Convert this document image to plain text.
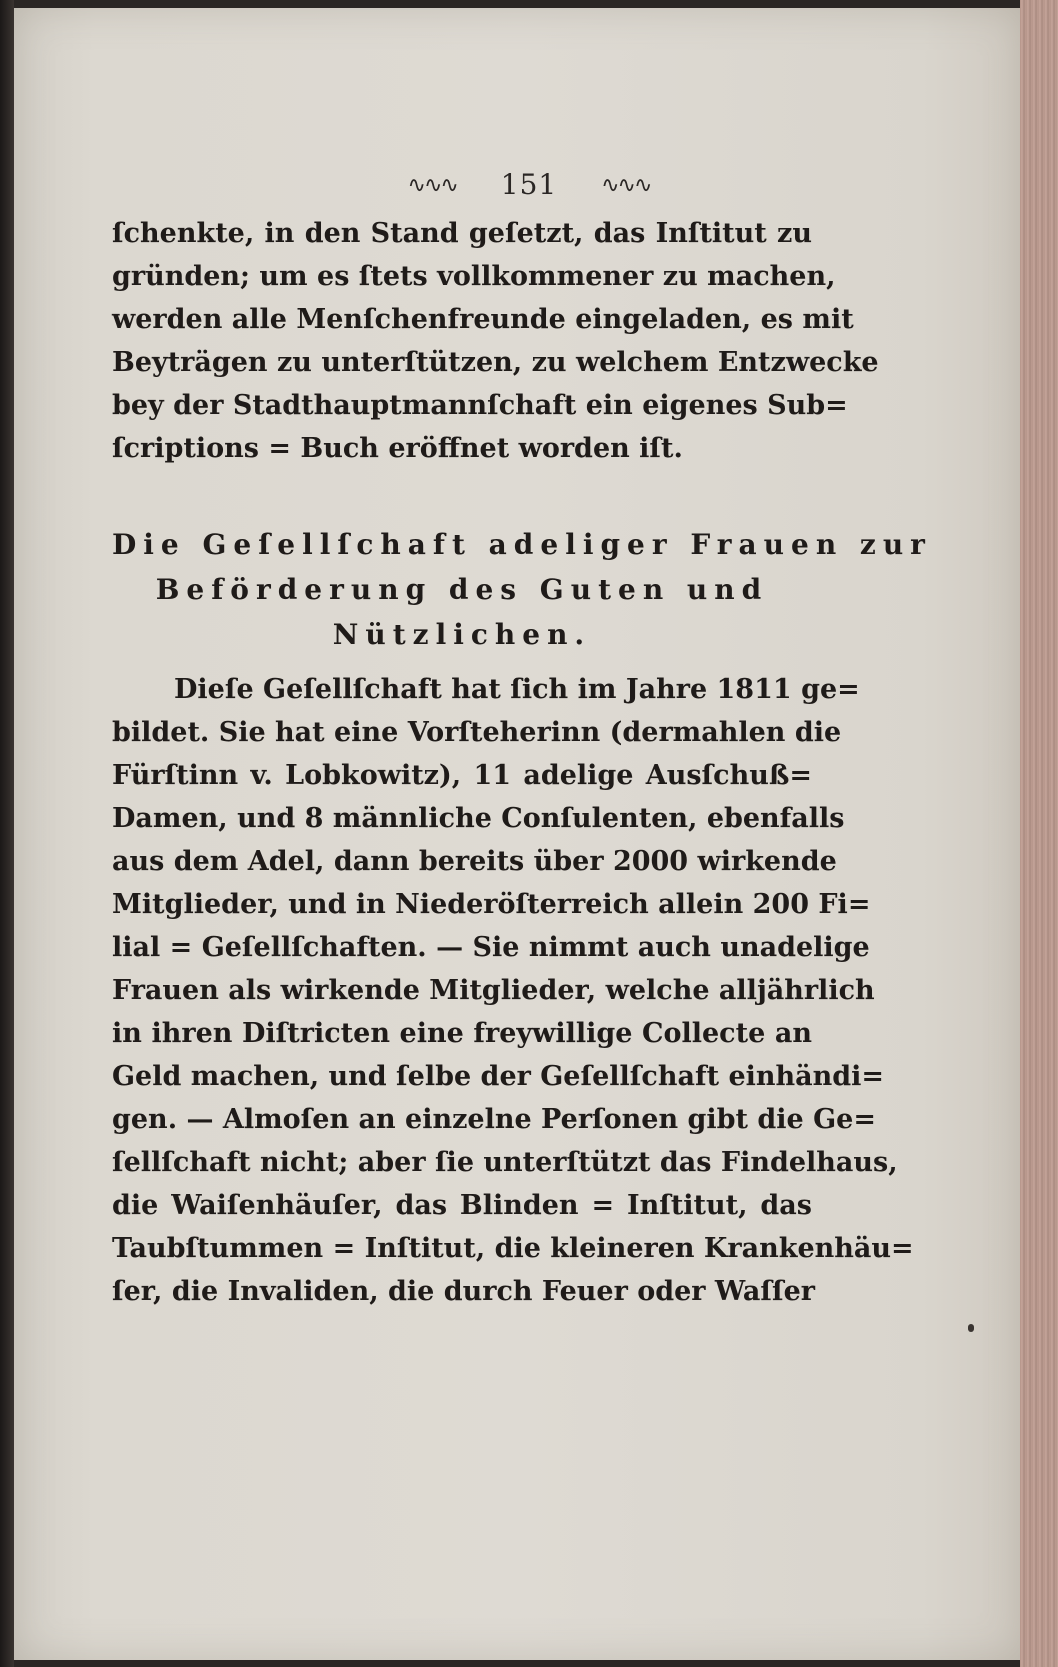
∿∿∿ 151 ∿∿∿
ſchenkte, in den Stand geſetzt, das Inſtitut zu
gründen; um es ſtets vollkommener zu machen,
werden alle Menſchenfreunde eingeladen, es mit
Beyträgen zu unterſtützen, zu welchem Entzwecke
bey der Stadthauptmannſchaft ein eigenes Sub=
ſcriptions = Buch eröffnet worden iſt.
Die Geſellſchaft adeliger Frauen zur
Beförderung des Guten und
Nützlichen.
Dieſe Geſellſchaft hat ſich im Jahre 1811 ge=
bildet. Sie hat eine Vorſteherinn (dermahlen die
Fürſtinn v. Lobkowitz), 11 adelige Ausſchuß=
Damen, und 8 männliche Conſulenten, ebenfalls
aus dem Adel, dann bereits über 2000 wirkende
Mitglieder, und in Niederöſterreich allein 200 Fi=
lial = Geſellſchaften. — Sie nimmt auch unadelige
Frauen als wirkende Mitglieder, welche alljährlich
in ihren Diſtricten eine freywillige Collecte an
Geld machen, und ſelbe der Geſellſchaft einhändi=
gen. — Almoſen an einzelne Perſonen gibt die Ge=
ſellſchaft nicht; aber ſie unterſtützt das Findelhaus,
die Waiſenhäuſer, das Blinden = Inſtitut, das
Taubſtummen = Inſtitut, die kleineren Krankenhäu=
ſer, die Invaliden, die durch Feuer oder Waſſer
